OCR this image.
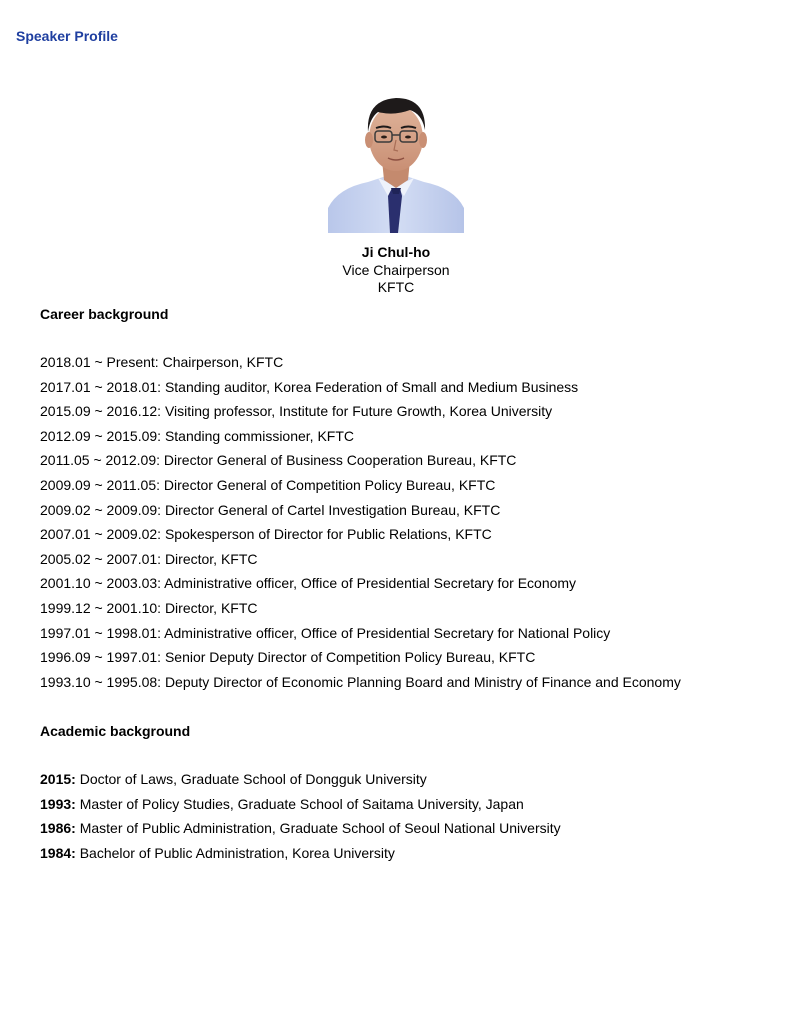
Speaker Profile
Ji Chul-ho
Vice Chairperson
KFTC
Career background
2018.01 ~ Present: Chairperson, KFTC
2017.01 ~ 2018.01: Standing auditor, Korea Federation of Small and Medium Business
2015.09 ~ 2016.12: Visiting professor, Institute for Future Growth, Korea University
2012.09 ~ 2015.09: Standing commissioner, KFTC
2011.05 ~ 2012.09: Director General of Business Cooperation Bureau, KFTC
2009.09 ~ 2011.05: Director General of Competition Policy Bureau, KFTC
2009.02 ~ 2009.09: Director General of Cartel Investigation Bureau, KFTC
2007.01 ~ 2009.02: Spokesperson of Director for Public Relations, KFTC
2005.02 ~ 2007.01: Director, KFTC
2001.10 ~ 2003.03: Administrative officer, Office of Presidential Secretary for Economy
1999.12 ~ 2001.10: Director, KFTC
1997.01 ~ 1998.01: Administrative officer, Office of Presidential Secretary for National Policy
1996.09 ~ 1997.01: Senior Deputy Director of Competition Policy Bureau, KFTC
1993.10 ~ 1995.08: Deputy Director of Economic Planning Board and Ministry of Finance and Economy
Academic background
2015: Doctor of Laws, Graduate School of Dongguk University
1993: Master of Policy Studies, Graduate School of Saitama University, Japan
1986: Master of Public Administration, Graduate School of Seoul National University
1984: Bachelor of Public Administration, Korea University
